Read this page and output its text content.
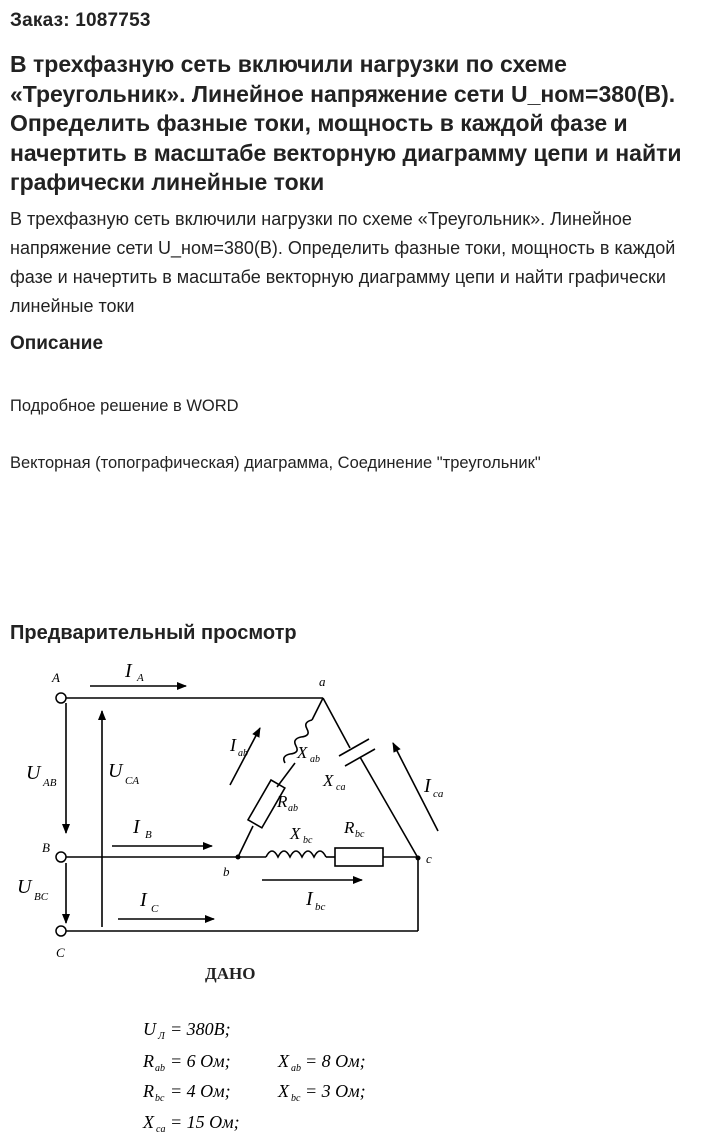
Заказ: 1087753
В трехфазную сеть включили нагрузки по схеме «Треугольник». Линейное напряжение сети U_ном=380(В). Определить фазные токи, мощность в каждой фазе и начертить в масштабе векторную диаграмму цепи и найти графически линейные токи

В трехфазную сеть включили нагрузки по схеме «Треугольник». Линейное напряжение сети U_ном=380(В). Определить фазные токи, мощность в каждой фазе и начертить в масштабе векторную диаграмму цепи и найти графически линейные токи

Описание

Подробное решение в WORD

Векторная (топографическая) диаграмма, Соединение "треугольник"

Предварительный просмотр
A
B
C
a
b
c
I A
I B
I C
U AB
U CA
U BC
I ab	X ab
R ab
X ca	I ca
X bc
R bc
I bc
ДАНО
U Л = 380B;
R ab = 6 Ом;	X ab = 8 Ом;
R bc = 4 Ом;	X bc = 3 Ом;
X ca = 15 Ом;
